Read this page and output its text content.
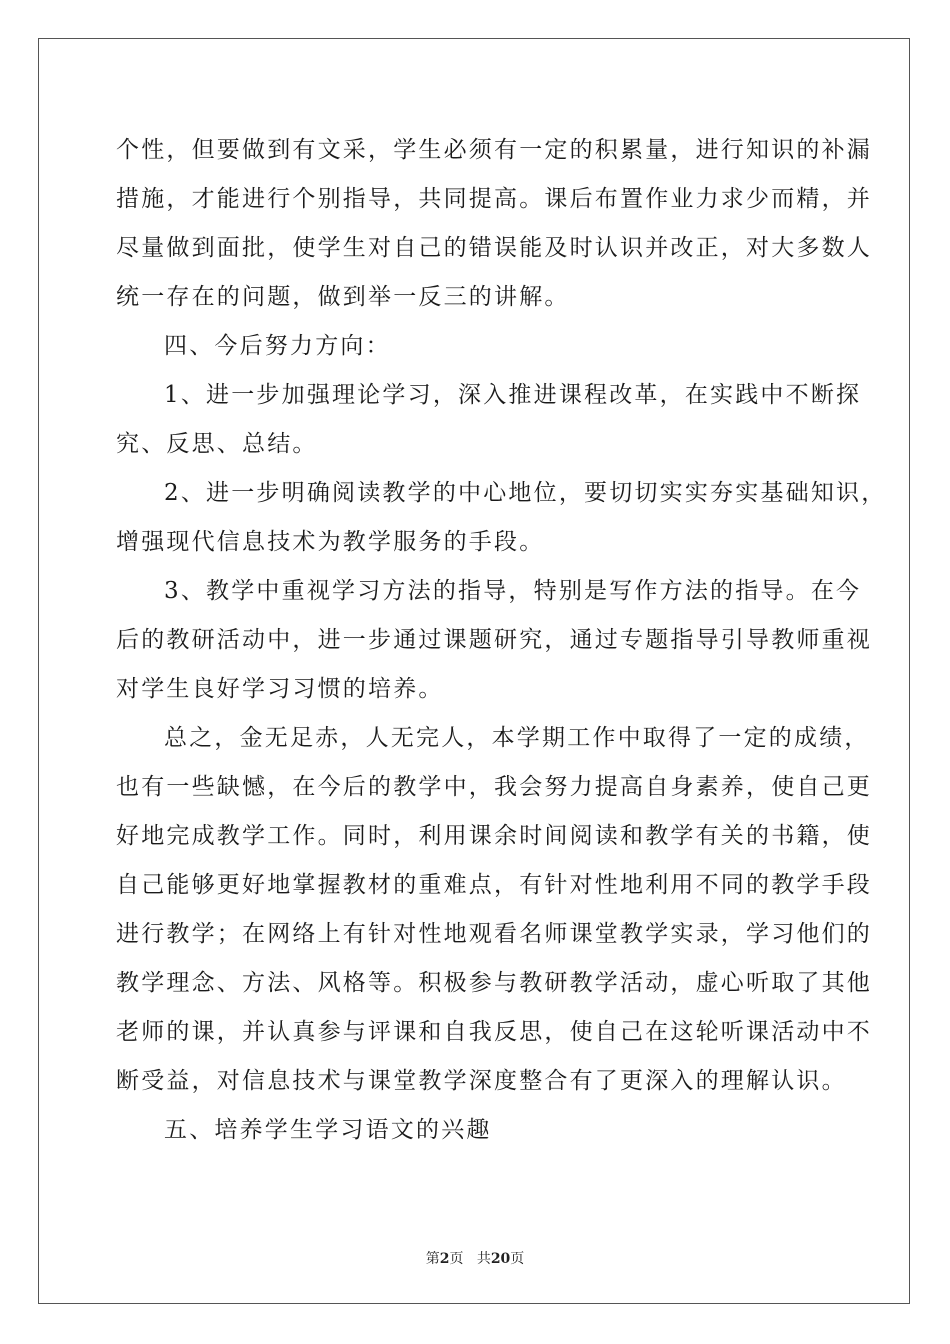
个性，但要做到有文采，学生必须有一定的积累量，进行知识的补漏
措施，才能进行个别指导，共同提高。课后布置作业力求少而精，并
尽量做到面批，使学生对自己的错误能及时认识并改正，对大多数人
统一存在的问题，做到举一反三的讲解。
四、今后努力方向：
1、进一步加强理论学习，深入推进课程改革，在实践中不断探
究、反思、总结。
2、进一步明确阅读教学的中心地位，要切切实实夯实基础知识，
增强现代信息技术为教学服务的手段。
3、教学中重视学习方法的指导，特别是写作方法的指导。在今
后的教研活动中，进一步通过课题研究，通过专题指导引导教师重视
对学生良好学习习惯的培养。
总之，金无足赤，人无完人，本学期工作中取得了一定的成绩，
也有一些缺憾，在今后的教学中，我会努力提高自身素养，使自己更
好地完成教学工作。同时，利用课余时间阅读和教学有关的书籍，使
自己能够更好地掌握教材的重难点，有针对性地利用不同的教学手段
进行教学；在网络上有针对性地观看名师课堂教学实录，学习他们的
教学理念、方法、风格等。积极参与教研教学活动，虚心听取了其他
老师的课，并认真参与评课和自我反思，使自己在这轮听课活动中不
断受益，对信息技术与课堂教学深度整合有了更深入的理解认识。
五、培养学生学习语文的兴趣
第2页 共20页
